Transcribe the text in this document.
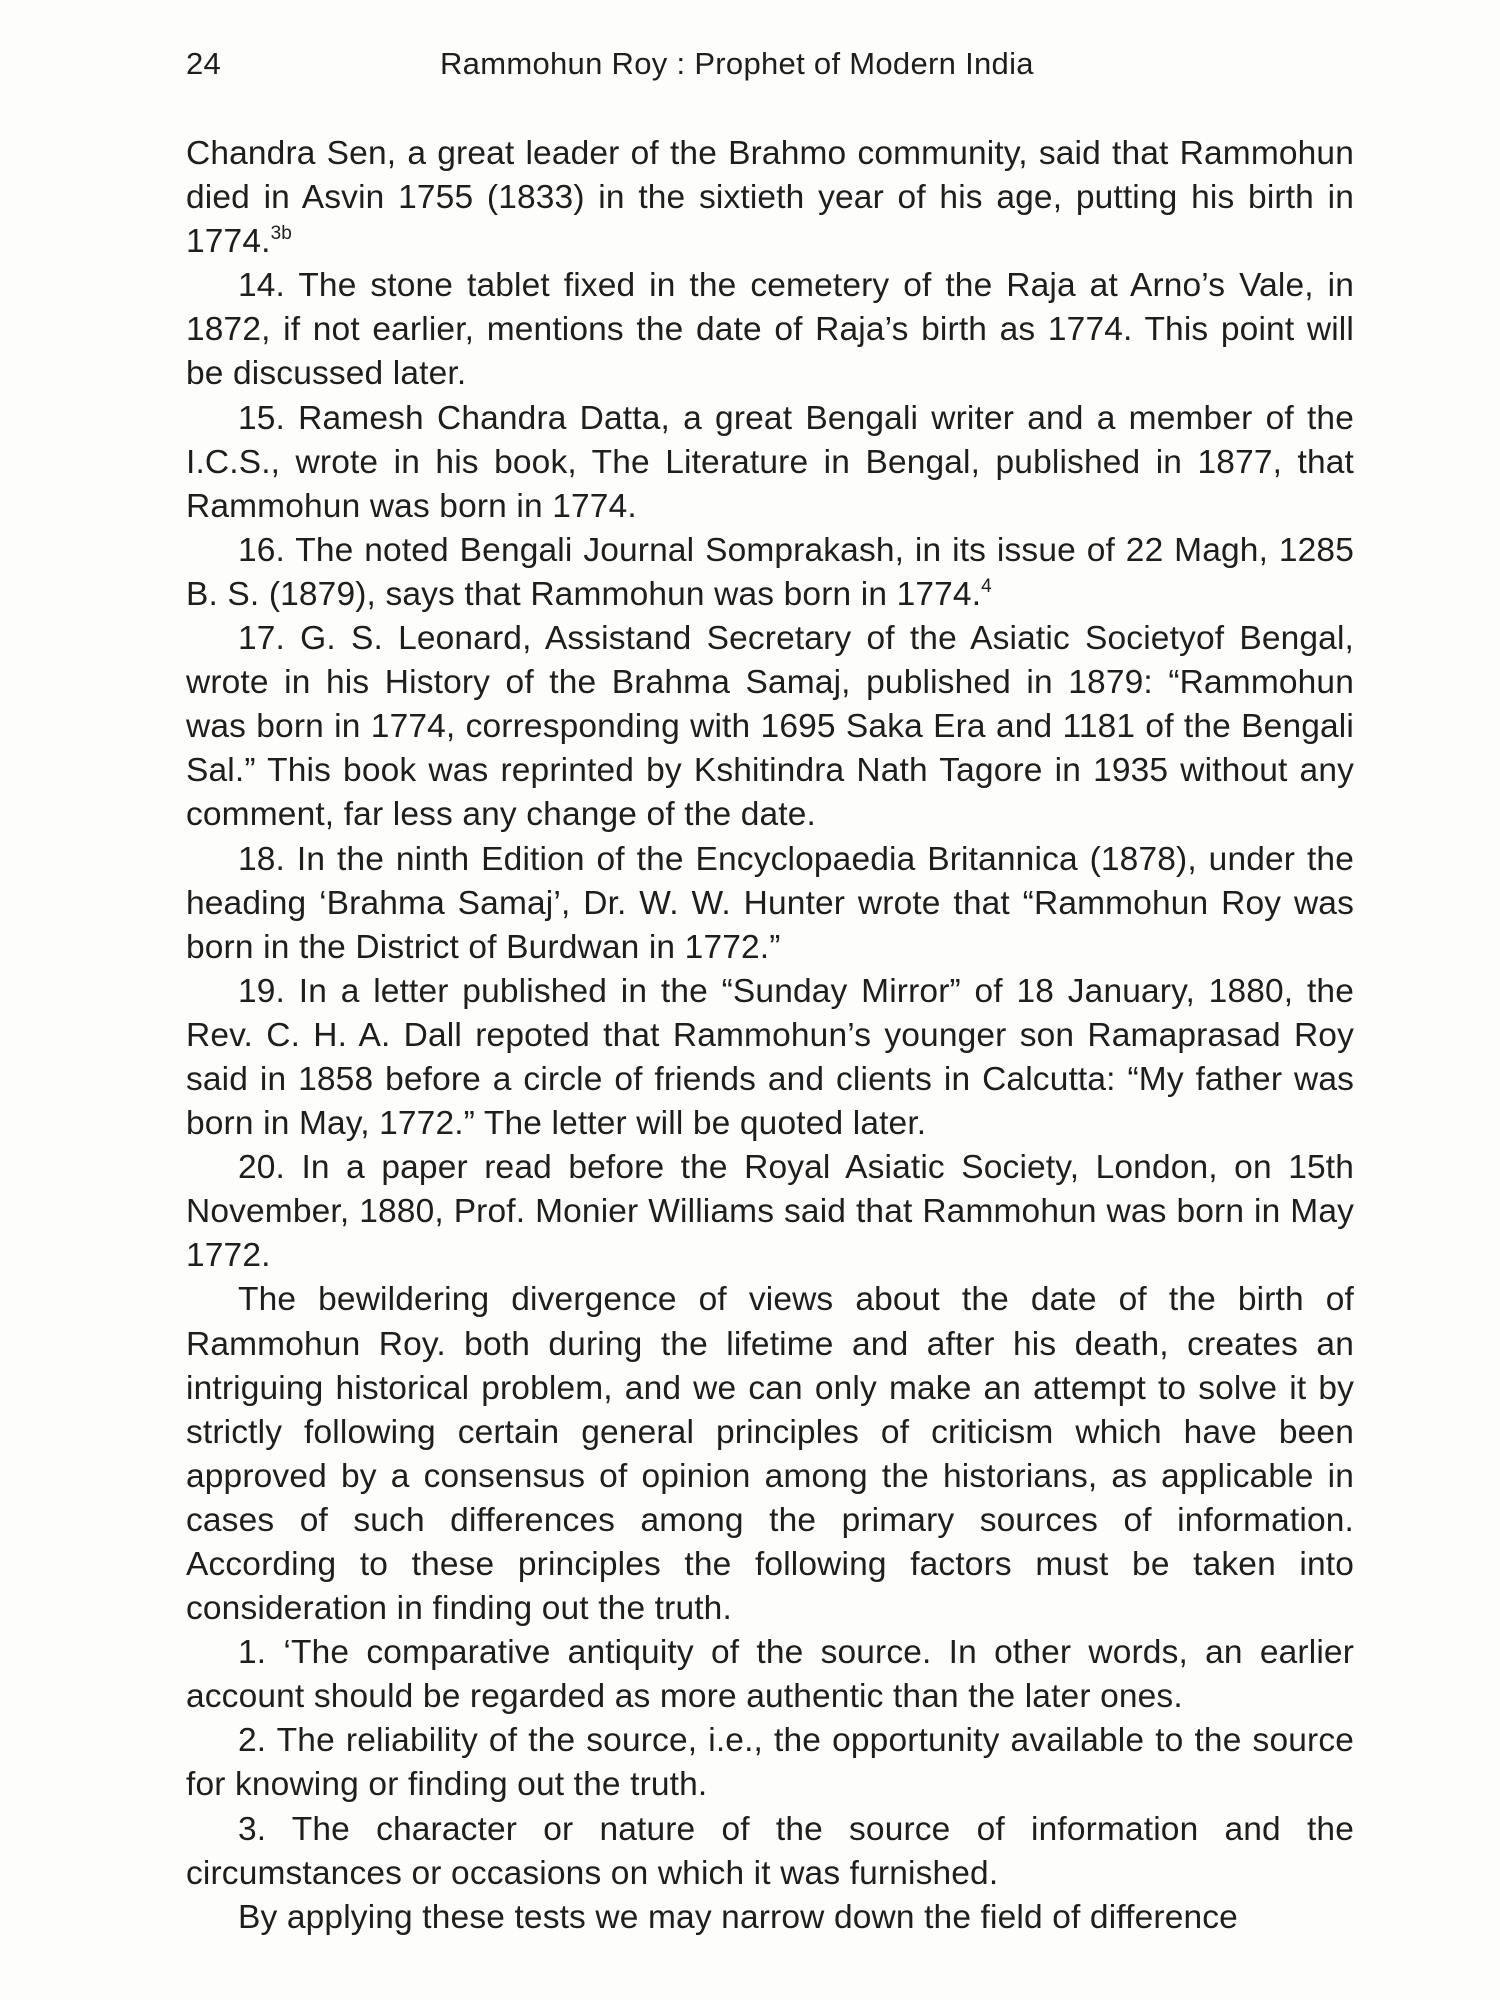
24	Rammohun Roy : Prophet of Modern India

Chandra Sen, a great leader of the Brahmo community, said that Rammohun died in Asvin 1755 (1833) in the sixtieth year of his age, putting his birth in 1774.$^{3b}$

14. The stone tablet fixed in the cemetery of the Raja at Arno’s Vale, in 1872, if not earlier, mentions the date of Raja’s birth as 1774. This point will be discussed later.

15. Ramesh Chandra Datta, a great Bengali writer and a member of the I.C.S., wrote in his book, The Literature in Bengal, published in 1877, that Rammohun was born in 1774.

16. The noted Bengali Journal Somprakash, in its issue of 22 Magh, 1285 B. S. (1879), says that Rammohun was born in 1774.$^4$

17. G. S. Leonard, Assistand Secretary of the Asiatic Societyof Bengal, wrote in his History of the Brahma Samaj, published in 1879: “Rammohun was born in 1774, corresponding with 1695 Saka Era and 1181 of the Bengali Sal.” This book was reprinted by Kshitindra Nath Tagore in 1935 without any comment, far less any change of the date.

18. In the ninth Edition of the Encyclopaedia Britannica (1878), under the heading ‘Brahma Samaj’, Dr. W. W. Hunter wrote that “Rammohun Roy was born in the District of Burdwan in 1772.”

19. In a letter published in the “Sunday Mirror” of 18 January, 1880, the Rev. C. H. A. Dall repoted that Rammohun’s younger son Ramaprasad Roy said in 1858 before a circle of friends and clients in Calcutta: “My father was born in May, 1772.” The letter will be quoted later.

20. In a paper read before the Royal Asiatic Society, London, on 15th November, 1880, Prof. Monier Williams said that Rammohun was born in May 1772.

The bewildering divergence of views about the date of the birth of Rammohun Roy. both during the lifetime and after his death, creates an intriguing historical problem, and we can only make an attempt to solve it by strictly following certain general principles of criticism which have been approved by a consensus of opinion among the historians, as applicable in cases of such differences among the primary sources of information. According to these principles the following factors must be taken into consideration in finding out the truth.

1. ‘The comparative antiquity of the source. In other words, an earlier account should be regarded as more authentic than the later ones.

2. The reliability of the source, i.e., the opportunity available to the source for knowing or finding out the truth.

3. The character or nature of the source of information and the circumstances or occasions on which it was furnished.

By applying these tests we may narrow down the field of difference
